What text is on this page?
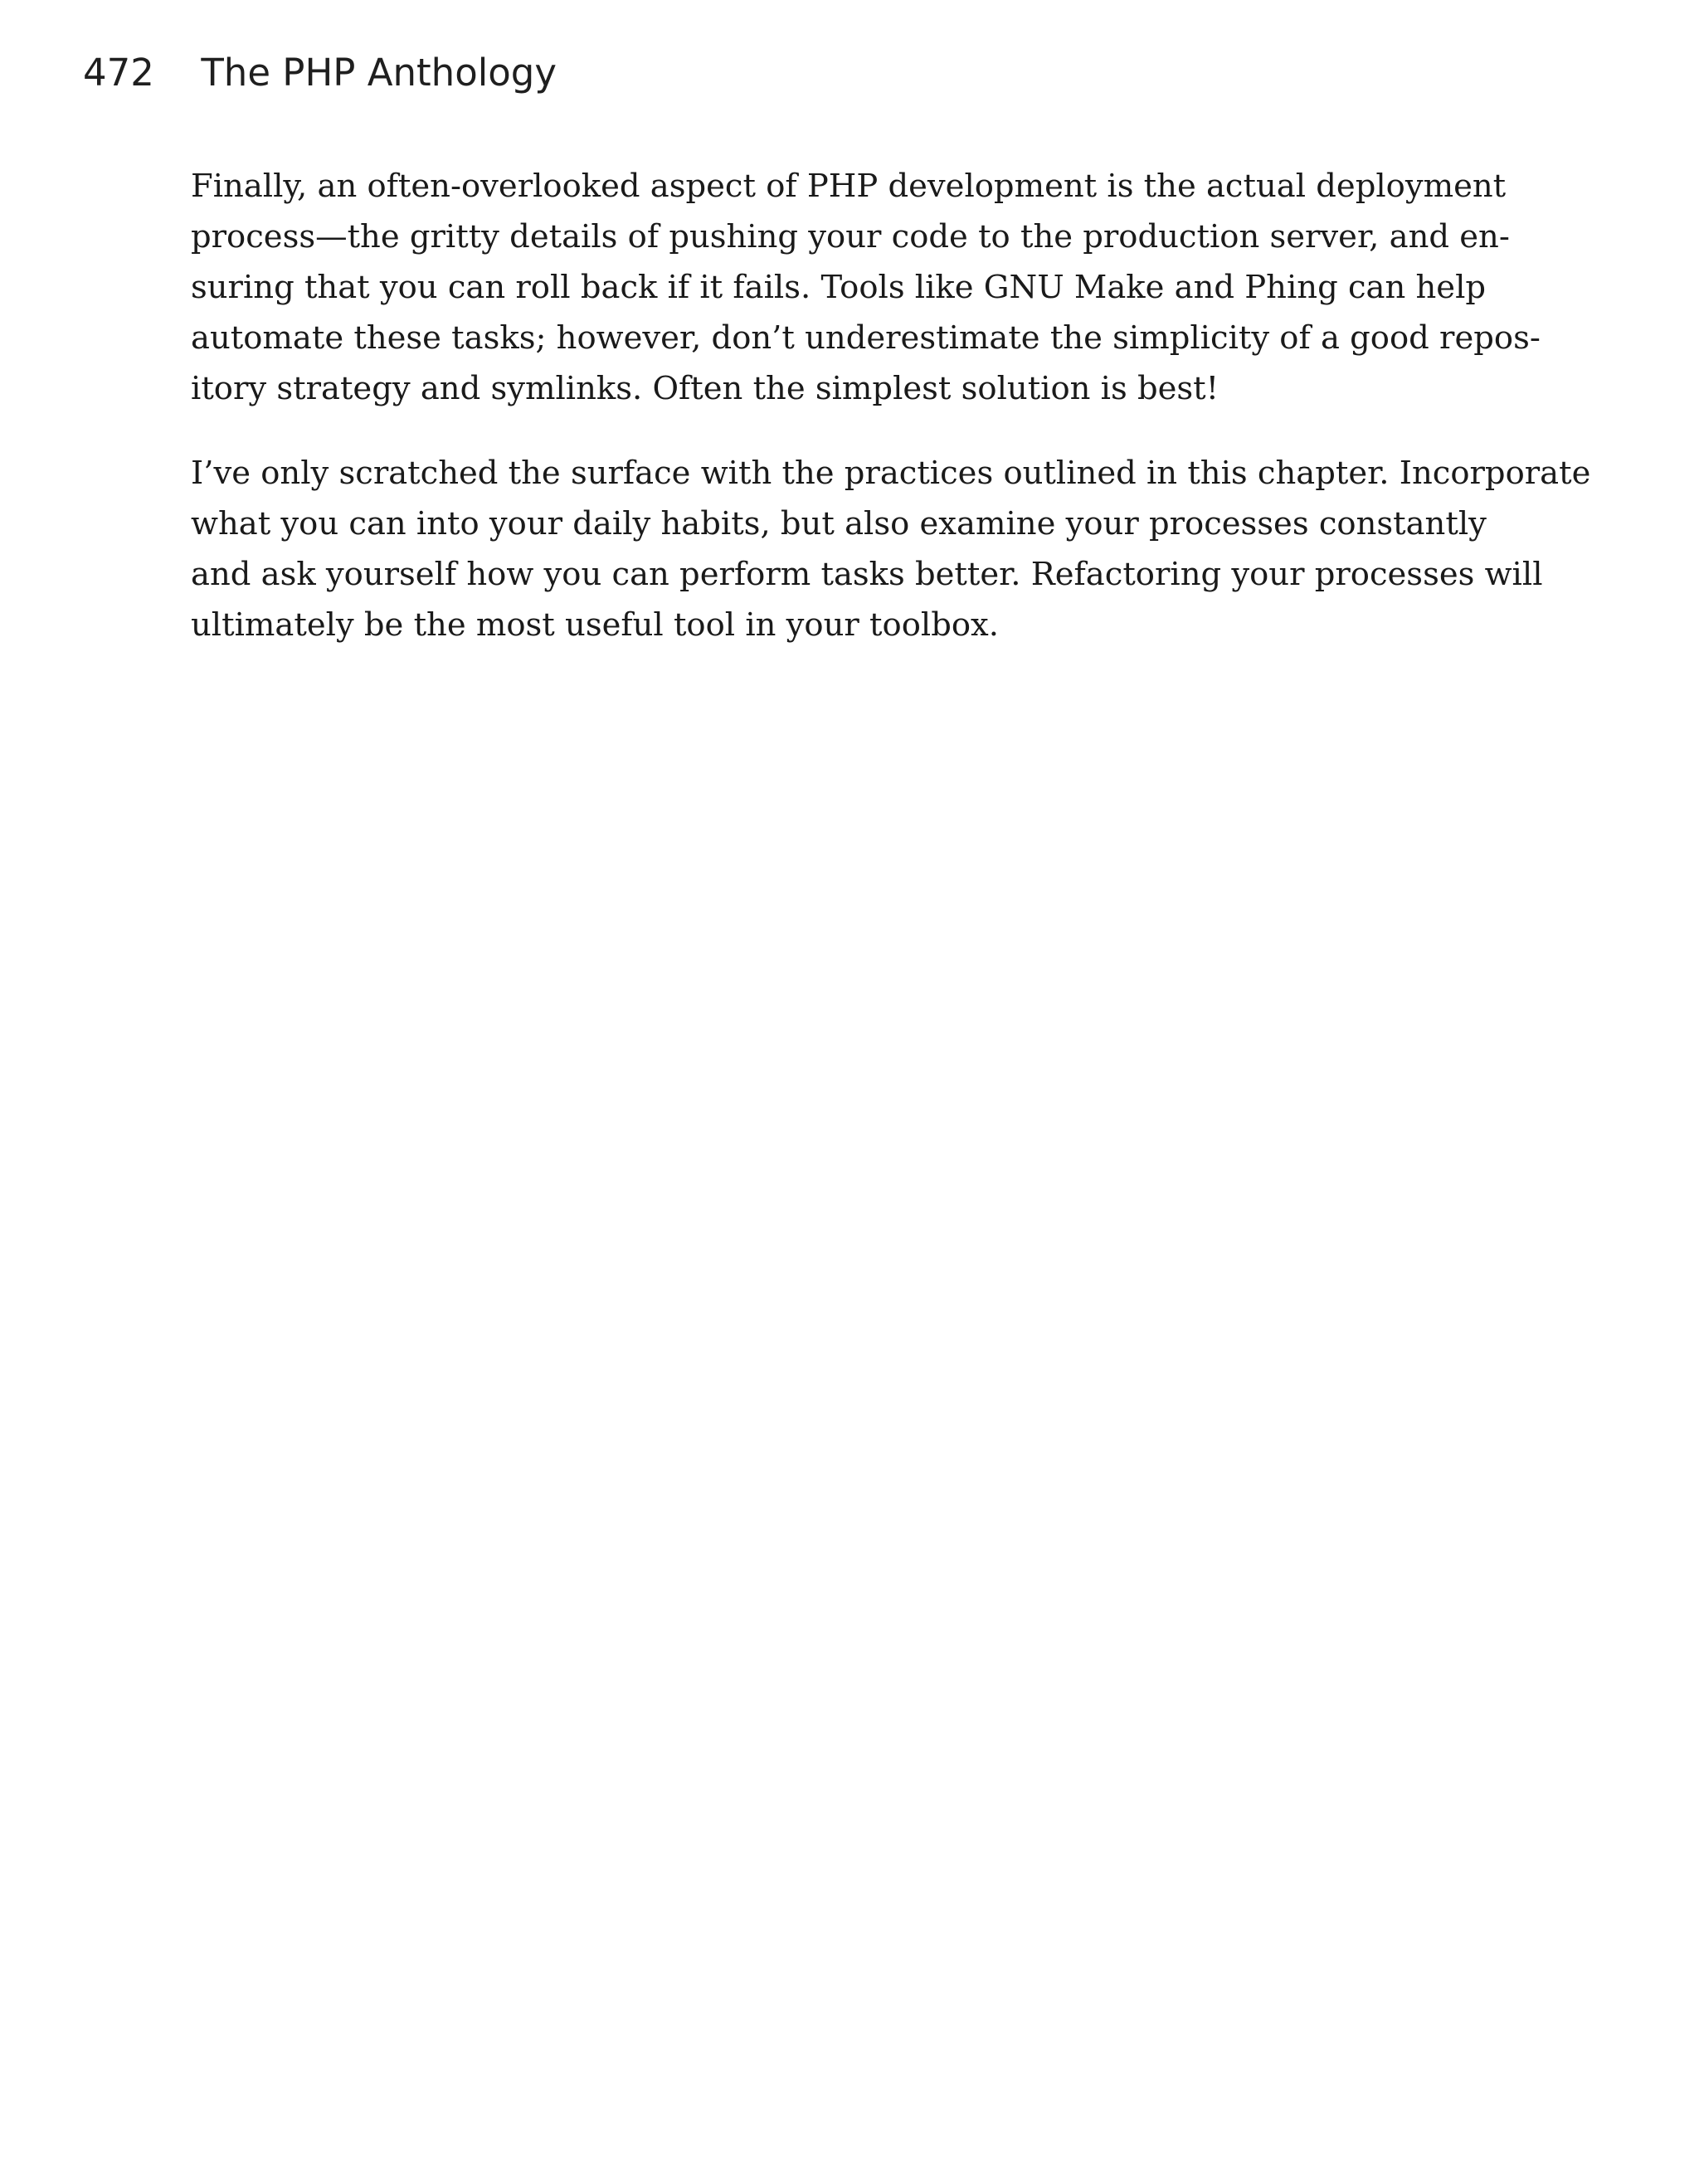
472 The PHP Anthology

Finally, an often-overlooked aspect of PHP development is the actual deployment
process—the gritty details of pushing your code to the production server, and en-
suring that you can roll back if it fails. Tools like GNU Make and Phing can help
automate these tasks; however, don’t underestimate the simplicity of a good repos-
itory strategy and symlinks. Often the simplest solution is best!

I’ve only scratched the surface with the practices outlined in this chapter. Incorporate
what you can into your daily habits, but also examine your processes constantly
and ask yourself how you can perform tasks better. Refactoring your processes will
ultimately be the most useful tool in your toolbox.
